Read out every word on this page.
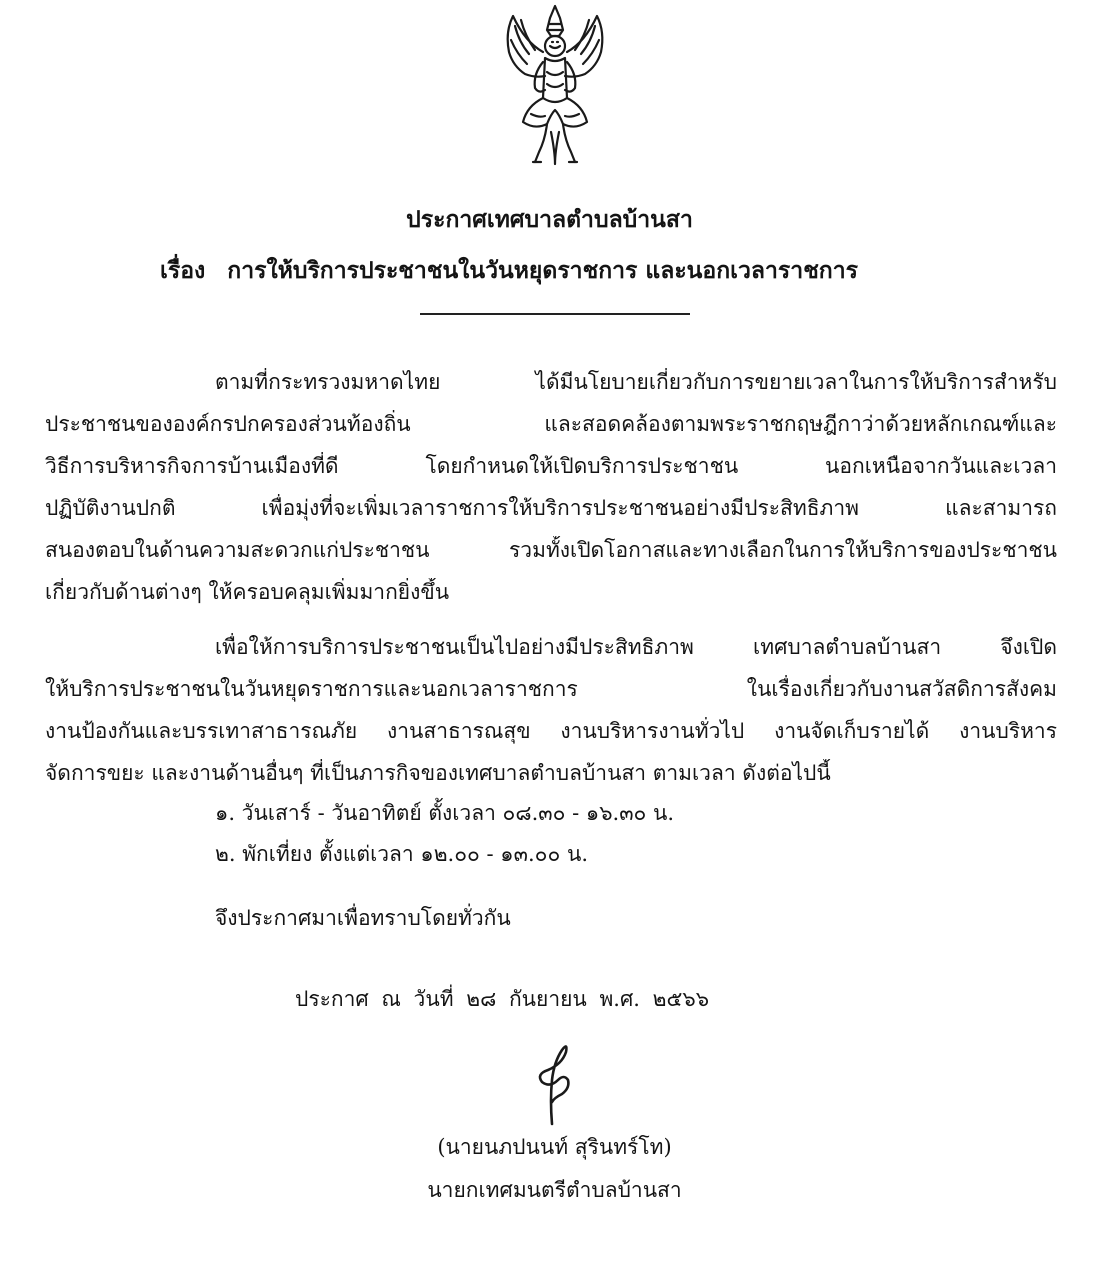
ประกาศเทศบาลตำบลบ้านสา
เรื่อง การให้บริการประชาชนในวันหยุดราชการ และนอกเวลาราชการ
ตามที่กระทรวงมหาดไทย ได้มีนโยบายเกี่ยวกับการขยายเวลาในการให้บริการสำหรับ
ประชาชนขององค์กรปกครองส่วนท้องถิ่น และสอดคล้องตามพระราชกฤษฎีกาว่าด้วยหลักเกณฑ์และ
วิธีการบริหารกิจการบ้านเมืองที่ดี โดยกำหนดให้เปิดบริการประชาชน นอกเหนือจากวันและเวลา
ปฏิบัติงานปกติ เพื่อมุ่งที่จะเพิ่มเวลาราชการให้บริการประชาชนอย่างมีประสิทธิภาพ และสามารถ
สนองตอบในด้านความสะดวกแก่ประชาชน รวมทั้งเปิดโอกาสและทางเลือกในการให้บริการของประชาชน
เกี่ยวกับด้านต่างๆ ให้ครอบคลุมเพิ่มมากยิ่งขึ้น
เพื่อให้การบริการประชาชนเป็นไปอย่างมีประสิทธิภาพ เทศบาลตำบลบ้านสา จึงเปิด
ให้บริการประชาชนในวันหยุดราชการและนอกเวลาราชการ ในเรื่องเกี่ยวกับงานสวัสดิการสังคม
งานป้องกันและบรรเทาสาธารณภัย งานสาธารณสุข งานบริหารงานทั่วไป งานจัดเก็บรายได้ งานบริหาร
จัดการขยะ และงานด้านอื่นๆ ที่เป็นภารกิจของเทศบาลตำบลบ้านสา ตามเวลา ดังต่อไปนี้
๑. วันเสาร์ - วันอาทิตย์ ตั้งเวลา ๐๘.๓๐ - ๑๖.๓๐ น.
๒. พักเที่ยง ตั้งแต่เวลา ๑๒.๐๐ - ๑๓.๐๐ น.
จึงประกาศมาเพื่อทราบโดยทั่วกัน
ประกาศ ณ วันที่ ๒๘ กันยายน พ.ศ. ๒๕๖๖
(นายนภปนนท์ สุรินทร์โท)
นายกเทศมนตรีตำบลบ้านสา
